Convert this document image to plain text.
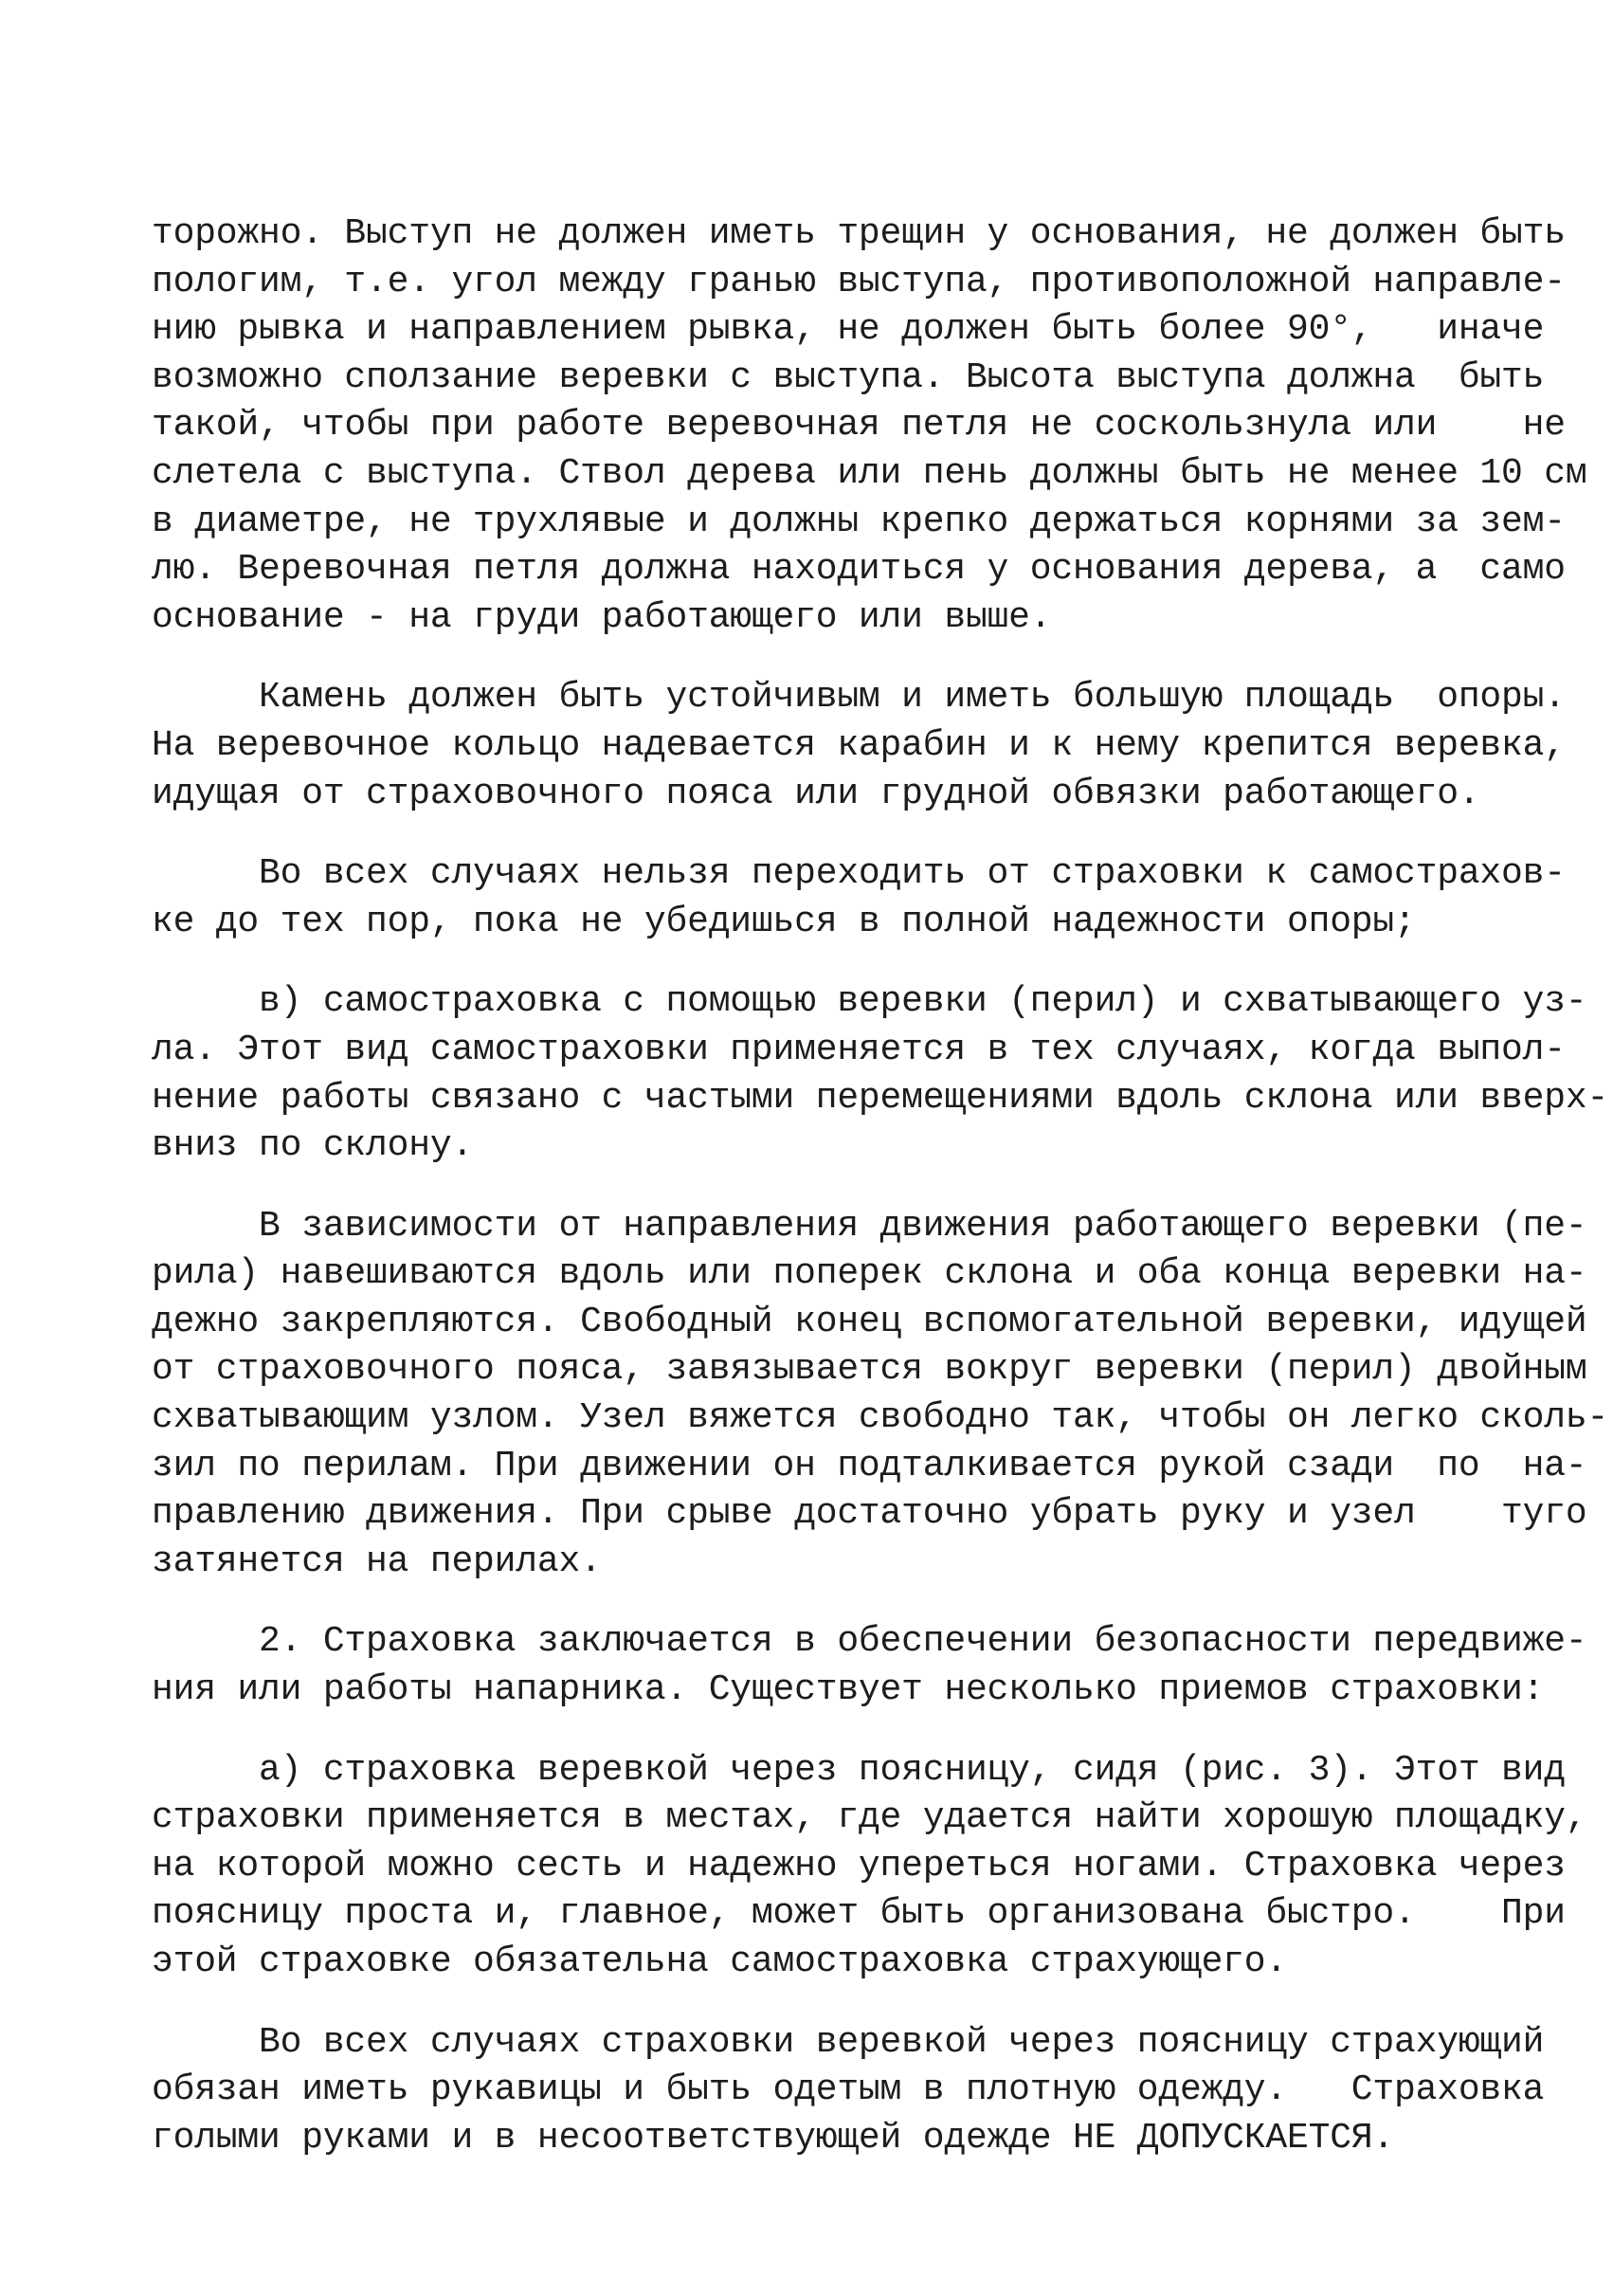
торожно. Выступ не должен иметь трещин у основания, не должен быть
пологим, т.е. угол между гранью выступа, противоположной направле-
нию рывка и направлением рывка, не должен быть более 90°,   иначе
возможно сползание веревки с выступа. Высота выступа должна  быть
такой, чтобы при работе веревочная петля не соскользнула или    не
слетела с выступа. Ствол дерева или пень должны быть не менее 10 см
в диаметре, не трухлявые и должны крепко держаться корнями за зем-
лю. Веревочная петля должна находиться у основания дерева, а  само
основание - на груди работающего или выше.

Камень должен быть устойчивым и иметь большую площадь  опоры.
На веревочное кольцо надевается карабин и к нему крепится веревка,
идущая от страховочного пояса или грудной обвязки работающего.

Во всех случаях нельзя переходить от страховки к самострахов-
ке до тех пор, пока не убедишься в полной надежности опоры;

в) самостраховка с помощью веревки (перил) и схватывающего уз-
ла. Этот вид самостраховки применяется в тех случаях, когда выпол-
нение работы связано с частыми перемещениями вдоль склона или вверх-
вниз по склону.

В зависимости от направления движения работающего веревки (пе-
рила) навешиваются вдоль или поперек склона и оба конца веревки на-
дежно закрепляются. Свободный конец вспомогательной веревки, идущей
от страховочного пояса, завязывается вокруг веревки (перил) двойным
схватывающим узлом. Узел вяжется свободно так, чтобы он легко сколь-
зил по перилам. При движении он подталкивается рукой сзади  по  на-
правлению движения. При срыве достаточно убрать руку и узел    туго
затянется на перилах.

2. Страховка заключается в обеспечении безопасности передвиже-
ния или работы напарника. Существует несколько приемов страховки:

а) страховка веревкой через поясницу, сидя (рис. 3). Этот вид
страховки применяется в местах, где удается найти хорошую площадку,
на которой можно сесть и надежно упереться ногами. Страховка через
поясницу проста и, главное, может быть организована быстро.    При
этой страховке обязательна самостраховка страхующего.

Во всех случаях страховки веревкой через поясницу страхующий
обязан иметь рукавицы и быть одетым в плотную одежду.   Страховка
голыми руками и в несоответствующей одежде НЕ ДОПУСКАЕТСЯ.
